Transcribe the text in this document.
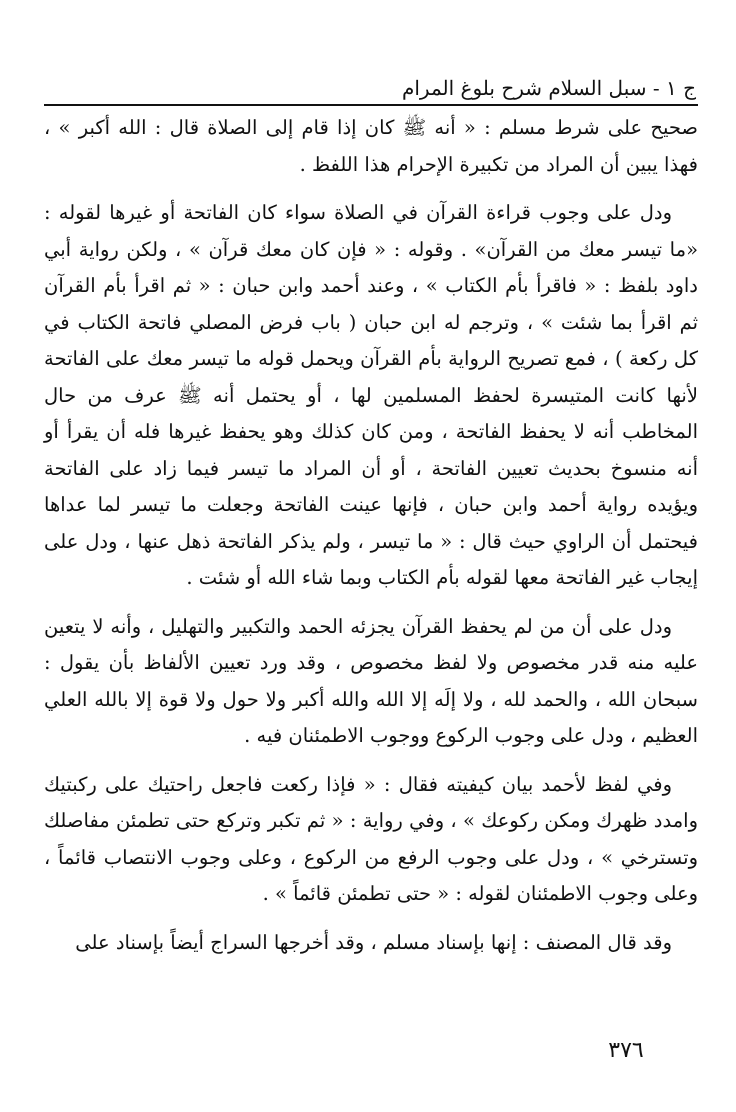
ج ١ - سبل السلام شرح بلوغ المرام

صحيح على شرط مسلم : « أنه ﷺ كان إذا قام إلى الصلاة قال : الله أكبر » ، فهذا يبين أن المراد من تكبيرة الإحرام هذا اللفظ .

ودل على وجوب قراءة القرآن في الصلاة سواء كان الفاتحة أو غيرها لقوله : «ما تيسر معك من القرآن» . وقوله : « فإن كان معك قرآن » ، ولكن رواية أبي داود بلفظ : « فاقرأ بأم الكتاب » ، وعند أحمد وابن حبان : « ثم اقرأ بأم القرآن ثم اقرأ بما شئت » ، وترجم له ابن حبان ( باب فرض المصلي فاتحة الكتاب في كل ركعة ) ، فمع تصريح الرواية بأم القرآن ويحمل قوله ما تيسر معك على الفاتحة لأنها كانت المتيسرة لحفظ المسلمين لها ، أو يحتمل أنه ﷺ عرف من حال المخاطب أنه لا يحفظ الفاتحة ، ومن كان كذلك وهو يحفظ غيرها فله أن يقرأ أو أنه منسوخ بحديث تعيين الفاتحة ، أو أن المراد ما تيسر فيما زاد على الفاتحة ويؤيده رواية أحمد وابن حبان ، فإنها عينت الفاتحة وجعلت ما تيسر لما عداها فيحتمل أن الراوي حيث قال : « ما تيسر ، ولم يذكر الفاتحة ذهل عنها ، ودل على إيجاب غير الفاتحة معها لقوله بأم الكتاب وبما شاء الله أو شئت .

ودل على أن من لم يحفظ القرآن يجزئه الحمد والتكبير والتهليل ، وأنه لا يتعين عليه منه قدر مخصوص ولا لفظ مخصوص ، وقد ورد تعيين الألفاظ بأن يقول : سبحان الله ، والحمد لله ، ولا إلَه إلا الله والله أكبر ولا حول ولا قوة إلا بالله العلي العظيم ، ودل على وجوب الركوع ووجوب الاطمئنان فيه .

وفي لفظ لأحمد بيان كيفيته فقال : « فإذا ركعت فاجعل راحتيك على ركبتيك وامدد ظهرك ومكن ركوعك » ، وفي رواية : « ثم تكبر وتركع حتى تطمئن مفاصلك وتسترخي » ، ودل على وجوب الرفع من الركوع ، وعلى وجوب الانتصاب قائماً ، وعلى وجوب الاطمئنان لقوله : « حتى تطمئن قائماً » .

وقد قال المصنف : إنها بإسناد مسلم ، وقد أخرجها السراج أيضاً بإسناد على

٣٧٦
